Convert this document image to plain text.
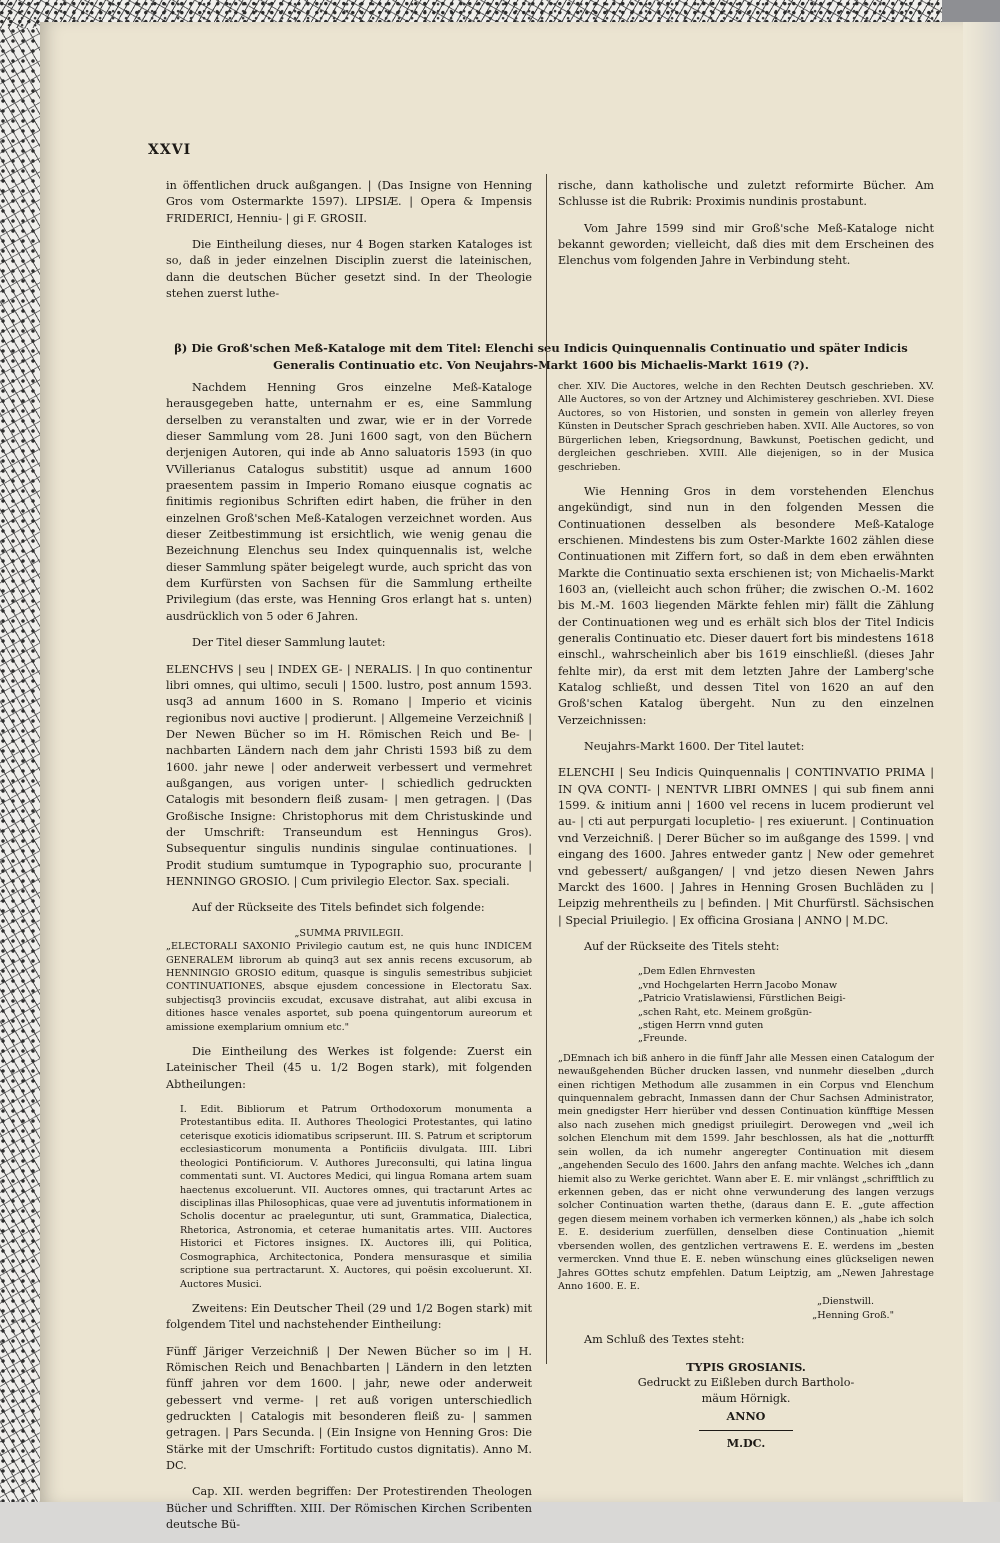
XXVI

in öffentlichen druck außgangen. | (Das Insigne von Henning Gros vom Ostermarkte 1597). LIPSIÆ. | Opera & Impensis FRIDERICI, Henniu- | gi F. GROSII.

Die Eintheilung dieses, nur 4 Bogen starken Kataloges ist so, daß in jeder einzelnen Disciplin zuerst die lateinischen, dann die deutschen Bücher gesetzt sind. In der Theologie stehen zuerst luthe-

rische, dann katholische und zuletzt reformirte Bücher. Am Schlusse ist die Rubrik: Proximis nundinis prostabunt.

Vom Jahre 1599 sind mir Groß'sche Meß-Kataloge nicht bekannt geworden; vielleicht, daß dies mit dem Erscheinen des Elenchus vom folgenden Jahre in Verbindung steht.

β) Die Groß'schen Meß-Kataloge mit dem Titel: Elenchi seu Indicis Quinquennalis Continuatio und später Indicis
Generalis Continuatio etc. Von Neujahrs-Markt 1600 bis Michaelis-Markt 1619 (?).

Nachdem Henning Gros einzelne Meß-Kataloge herausgegeben hatte, unternahm er es, eine Sammlung derselben zu veranstalten und zwar, wie er in der Vorrede dieser Sammlung vom 28. Juni 1600 sagt, von den Büchern derjenigen Autoren, qui inde ab Anno saluatoris 1593 (in quo VVillerianus Catalogus substitit) usque ad annum 1600 praesentem passim in Imperio Romano eiusque cognatis ac finitimis regionibus Schriften edirt haben, die früher in den einzelnen Groß'schen Meß-Katalogen verzeichnet worden. Aus dieser Zeitbestimmung ist ersichtlich, wie wenig genau die Bezeichnung Elenchus seu Index quinquennalis ist, welche dieser Sammlung später beigelegt wurde, auch spricht das von dem Kurfürsten von Sachsen für die Sammlung ertheilte Privilegium (das erste, was Henning Gros erlangt hat s. unten) ausdrücklich von 5 oder 6 Jahren.

Der Titel dieser Sammlung lautet:

ELENCHVS | seu | INDEX GE- | NERALIS. | In quo continentur libri omnes, qui ultimo, seculi | 1500. lustro, post annum 1593. usq3 ad annum 1600 in S. Romano | Imperio et vicinis regionibus novi auctive | prodierunt. | Allgemeine Verzeichniß | Der Newen Bücher so im H. Römischen Reich und Be- | nachbarten Ländern nach dem jahr Christi 1593 biß zu dem 1600. jahr newe | oder anderweit verbessert und vermehret außgangen, aus vorigen unter- | schiedlich gedruckten Catalogis mit besondern fleiß zusam- | men getragen. | (Das Großische Insigne: Christophorus mit dem Christuskinde und der Umschrift: Transeundum est Henningus Gros). Subsequentur singulis nundinis singulae continuationes. | Prodit studium sumtumque in Typographio suo, procurante | HENNINGO GROSIO. | Cum privilegio Elector. Sax. speciali.

Auf der Rückseite des Titels befindet sich folgende:

„SUMMA PRIVILEGII.

„ELECTORALI SAXONIO Privilegio cautum est, ne quis hunc INDICEM GENERALEM librorum ab quinq3 aut sex annis recens excusorum, ab HENNINGIO GROSIO editum, quasque is singulis semestribus subjiciet CONTINUATIONES, absque ejusdem concessione in Electoratu Sax. subjectisq3 provinciis excudat, excusave distrahat, aut alibi excusa in ditiones hasce venales asportet, sub poena quingentorum aureorum et amissione exemplarium omnium etc."

Die Eintheilung des Werkes ist folgende: Zuerst ein Lateinischer Theil (45 u. 1/2 Bogen stark), mit folgenden Abtheilungen:

I. Edit. Bibliorum et Patrum Orthodoxorum monumenta a Protestantibus edita. II. Authores Theologici Protestantes, qui latino ceterisque exoticis idiomatibus scripserunt. III. S. Patrum et scriptorum ecclesiasticorum monumenta a Pontificiis divulgata. IIII. Libri theologici Pontificiorum. V. Authores Jureconsulti, qui latina lingua commentati sunt. VI. Auctores Medici, qui lingua Romana artem suam haectenus excoluerunt. VII. Auctores omnes, qui tractarunt Artes ac disciplinas illas Philosophicas, quae vere ad juventutis informationem in Scholis docentur ac praeleguntur, uti sunt, Grammatica, Dialectica, Rhetorica, Astronomia, et ceterae humanitatis artes. VIII. Auctores Historici et Fictores insignes. IX. Auctores illi, qui Politica, Cosmographica, Architectonica, Pondera mensurasque et similia scriptione sua pertractarunt. X. Auctores, qui poësin excoluerunt. XI. Auctores Musici.

Zweitens: Ein Deutscher Theil (29 und 1/2 Bogen stark) mit folgendem Titel und nachstehender Eintheilung:

Fünff Järiger Verzeichniß | Der Newen Bücher so im | H. Römischen Reich und Benachbarten | Ländern in den letzten fünff jahren vor dem 1600. | jahr, newe oder anderweit gebessert vnd verme- | ret auß vorigen unterschiedlich gedruckten | Catalogis mit besonderen fleiß zu- | sammen getragen. | Pars Secunda. | (Ein Insigne von Henning Gros: Die Stärke mit der Umschrift: Fortitudo custos dignitatis). Anno M. DC.

Cap. XII. werden begriffen: Der Protestirenden Theologen Bücher und Schrifften. XIII. Der Römischen Kirchen Scribenten deutsche Bü-

cher. XIV. Die Auctores, welche in den Rechten Deutsch geschrieben. XV. Alle Auctores, so von der Artzney und Alchimisterey geschrieben. XVI. Diese Auctores, so von Historien, und sonsten in gemein von allerley freyen Künsten in Deutscher Sprach geschrieben haben. XVII. Alle Auctores, so von Bürgerlichen leben, Kriegsordnung, Bawkunst, Poetischen gedicht, und dergleichen geschrieben. XVIII. Alle diejenigen, so in der Musica geschrieben.

Wie Henning Gros in dem vorstehenden Elenchus angekündigt, sind nun in den folgenden Messen die Continuationen desselben als besondere Meß-Kataloge erschienen. Mindestens bis zum Oster-Markte 1602 zählen diese Continuationen mit Ziffern fort, so daß in dem eben erwähnten Markte die Continuatio sexta erschienen ist; von Michaelis-Markt 1603 an, (vielleicht auch schon früher; die zwischen O.-M. 1602 bis M.-M. 1603 liegenden Märkte fehlen mir) fällt die Zählung der Continuationen weg und es erhält sich blos der Titel Indicis generalis Continuatio etc. Dieser dauert fort bis mindestens 1618 einschl., wahrscheinlich aber bis 1619 einschließl. (dieses Jahr fehlte mir), da erst mit dem letzten Jahre der Lamberg'sche Katalog schließt, und dessen Titel von 1620 an auf den Groß'schen Katalog übergeht. Nun zu den einzelnen Verzeichnissen:

Neujahrs-Markt 1600. Der Titel lautet:

ELENCHI | Seu Indicis Quinquennalis | CONTINVATIO PRIMA | IN QVA CONTI- | NENTVR LIBRI OMNES | qui sub finem anni 1599. & initium anni | 1600 vel recens in lucem prodierunt vel au- | cti aut perpurgati locupletio- | res exiuerunt. | Continuation vnd Verzeichniß. | Derer Bücher so im außgange des 1599. | vnd eingang des 1600. Jahres entweder gantz | New oder gemehret vnd gebessert/ außgangen/ | vnd jetzo diesen Newen Jahrs Marckt des 1600. | Jahres in Henning Grosen Buchläden zu | Leipzig mehrentheils zu | befinden. | Mit Churfürstl. Sächsischen | Special Priuilegio. | Ex officina Grosiana | ANNO | M.DC.

Auf der Rückseite des Titels steht:

„Dem Edlen Ehrnvesten
„vnd Hochgelarten Herrn Jacobo Monaw
„Patricio Vratislawiensi, Fürstlichen Beigi-
„schen Raht, etc. Meinem großgün-
„stigen Herrn vnnd guten
„Freunde.

„DEmnach ich biß anhero in die fünff Jahr alle Messen einen Catalogum der newaußgehenden Bücher drucken lassen, vnd nunmehr dieselben „durch einen richtigen Methodum alle zusammen in ein Corpus vnd Elenchum quinquennalem gebracht, Inmassen dann der Chur Sachsen Administrator, mein gnedigster Herr hierüber vnd dessen Continuation künfftige Messen also nach zusehen mich gnedigst priuilegirt. Derowegen vnd „weil ich solchen Elenchum mit dem 1599. Jahr beschlossen, als hat die „notturfft sein wollen, da ich numehr angeregter Continuation mit diesem „angehenden Seculo des 1600. Jahrs den anfang machte. Welches ich „dann hiemit also zu Werke gerichtet. Wann aber E. E. mir vnlängst „schrifftlich zu erkennen geben, das er nicht ohne verwunderung des langen verzugs solcher Continuation warten thethe, (daraus dann E. E. „gute affection gegen diesem meinem vorhaben ich vermerken können,) als „habe ich solch E. E. desiderium zuerfüllen, denselben diese Continuation „hiemit vbersenden wollen, des gentzlichen vertrawens E. E. werdens im „besten vermercken. Vnnd thue E. E. neben wünschung eines glückseligen newen Jahres GOttes schutz empfehlen. Datum Leiptzig, am „Newen Jahrestage Anno 1600. E. E.

„Dienstwill.
„Henning Groß."

Am Schluß des Textes steht:

TYPIS GROSIANIS.
Gedruckt zu Eißleben durch Bartholo-
mäum Hörnigk.
ANNO
M.DC.
